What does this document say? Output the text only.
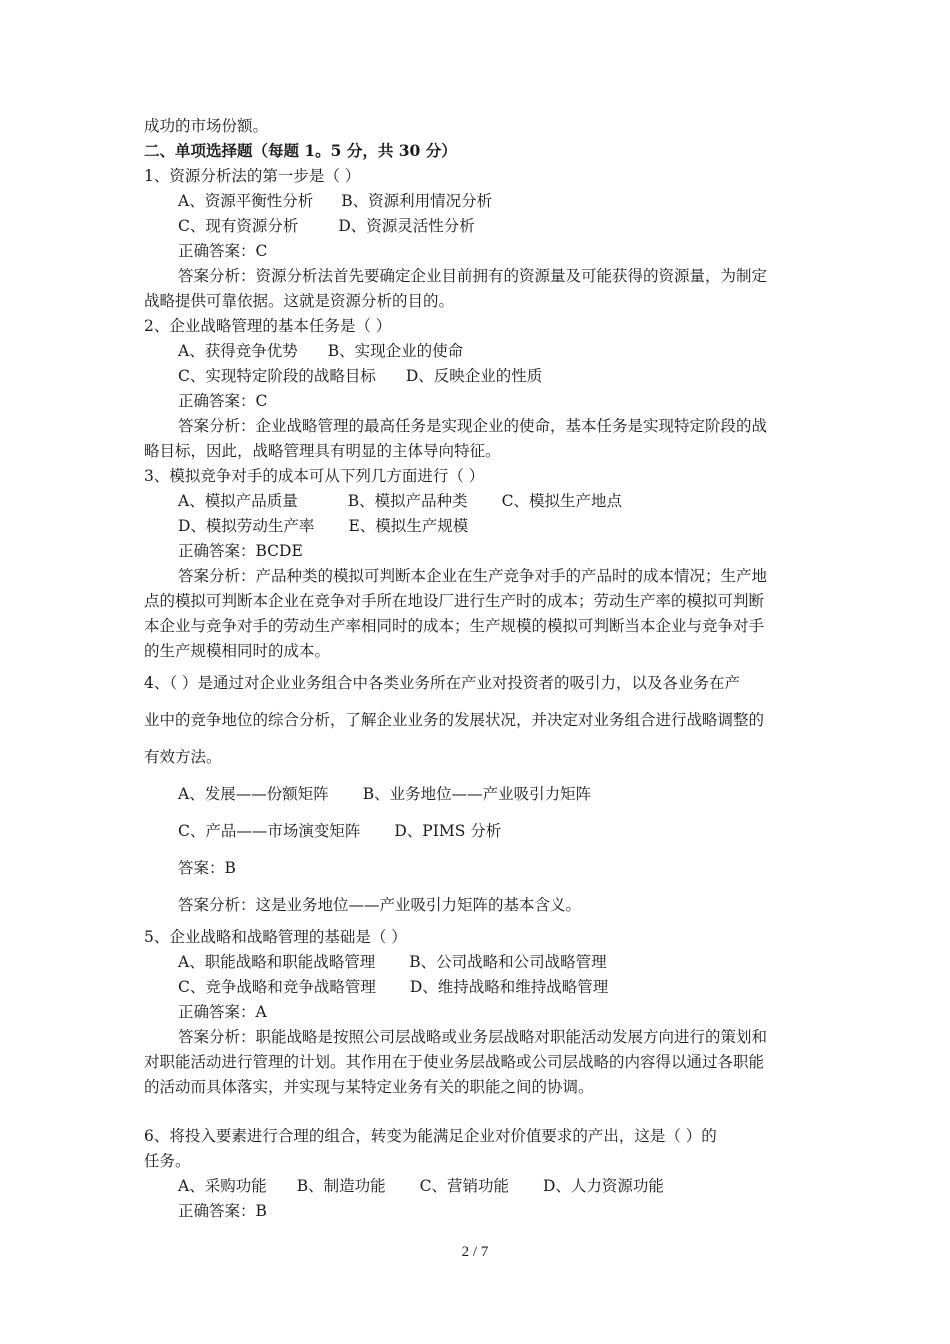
成功的市场份额。
二、单项选择题（每题 1。5 分，共 30 分）
1、资源分析法的第一步是（ ）
A、资源平衡性分析 B、资源利用情况分析
C、现有资源分析	D、资源灵活性分析
正确答案：C
答案分析：资源分析法首先要确定企业目前拥有的资源量及可能获得的资源量，为制定
战略提供可靠依据。这就是资源分析的目的。
2、企业战略管理的基本任务是（ ）
A、获得竞争优势 B、实现企业的使命
C、实现特定阶段的战略目标 D、反映企业的性质
正确答案：C
答案分析：企业战略管理的最高任务是实现企业的使命，基本任务是实现特定阶段的战
略目标，因此，战略管理具有明显的主体导向特征。
3、模拟竞争对手的成本可从下列几方面进行（ ）
A、模拟产品质量	B、模拟产品种类 C、模拟生产地点
D、模拟劳动生产率 E、模拟生产规模
正确答案：BCDE
答案分析：产品种类的模拟可判断本企业在生产竞争对手的产品时的成本情况；生产地
点的模拟可判断本企业在竞争对手所在地设厂进行生产时的成本；劳动生产率的模拟可判断
本企业与竞争对手的劳动生产率相同时的成本；生产规模的模拟可判断当本企业与竞争对手
的生产规模相同时的成本。
4、（ ）是通过对企业业务组合中各类业务所在产业对投资者的吸引力，以及各业务在产
业中的竞争地位的综合分析，了解企业业务的发展状况，并决定对业务组合进行战略调整的
有效方法。
A、发展——份额矩阵 B、业务地位——产业吸引力矩阵
C、产品——市场演变矩阵 D、PIMS 分析
答案：B
答案分析：这是业务地位——产业吸引力矩阵的基本含义。
5、企业战略和战略管理的基础是（ ）
A、职能战略和职能战略管理 B、公司战略和公司战略管理
C、竞争战略和竞争战略管理 D、维持战略和维持战略管理
正确答案：A
答案分析：职能战略是按照公司层战略或业务层战略对职能活动发展方向进行的策划和
对职能活动进行管理的计划。其作用在于使业务层战略或公司层战略的内容得以通过各职能
的活动而具体落实，并实现与某特定业务有关的职能之间的协调。
6、将投入要素进行合理的组合，转变为能满足企业对价值要求的产出，这是（ ）的
任务。
A、采购功能 B、制造功能 C、营销功能 D、人力资源功能
正确答案：B
2 / 7
